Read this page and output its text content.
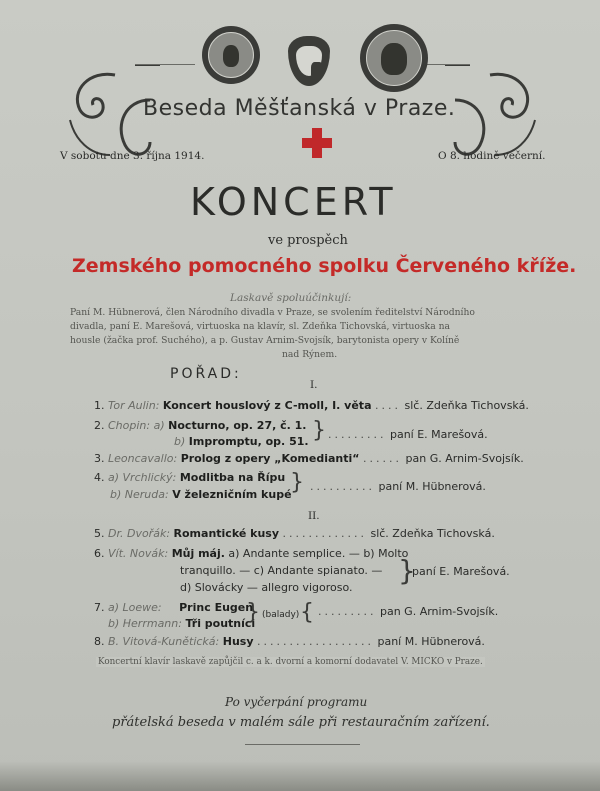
Beseda Měšťanská v Praze.
V sobotu dne 3. října 1914.	O 8. hodině večerní.
KONCERT
ve prospěch
Zemského pomocného spolku Červeného kříže.
Laskavě spoluúčinkují:
Paní M. Hübnerová, člen Národního divadla v Praze, se svolením ředitelství Národního
divadla, paní E. Marešová, virtuoska na klavír, sl. Zdeňka Tichovská, virtuoska na
housle (žačka prof. Suchého), a p. Gustav Arnim-Svojsík, barytonista opery v Kolíně
nad Rýnem.
POŘAD:
I.
1. Tor Aulin: Koncert houslový z C-moll, I. věta .... slč. Zdeňka Tichovská.
2. Chopin: a) Nocturno, op. 27, č. 1.
b) Impromptu, op. 51. } ......... paní E. Marešová.
3. Leoncavallo: Prolog z opery „Komedianti“ ...... pan G. Arnim-Svojsík.
4. a) Vrchlický: Modlitba na Řípu
b) Neruda: V železničním kupé
} .......... paní M. Hübnerová.
II.
5. Dr. Dvořák: Romantické kusy ............. slč. Zdeňka Tichovská.
6. Vít. Novák: Můj máj. a) Andante semplice. — b) Molto
tranquillo. — c) Andante spianato. —
d) Slovácky — allegro vigoroso.
}
paní E. Marešová.
7. a) Loewe: Princ Eugen
b) Herrmann: Tři poutníci
} (balady) { ......... pan G. Arnim-Svojsík.
8. B. Vitová-Kunětická: Husy .................. paní M. Hübnerová.
Koncertní klavír laskavě zapůjčil c. a k. dvorní a komorní dodavatel V. MICKO v Praze.
Po vyčerpání programu
přátelská beseda v malém sále při restauračním zařízení.
